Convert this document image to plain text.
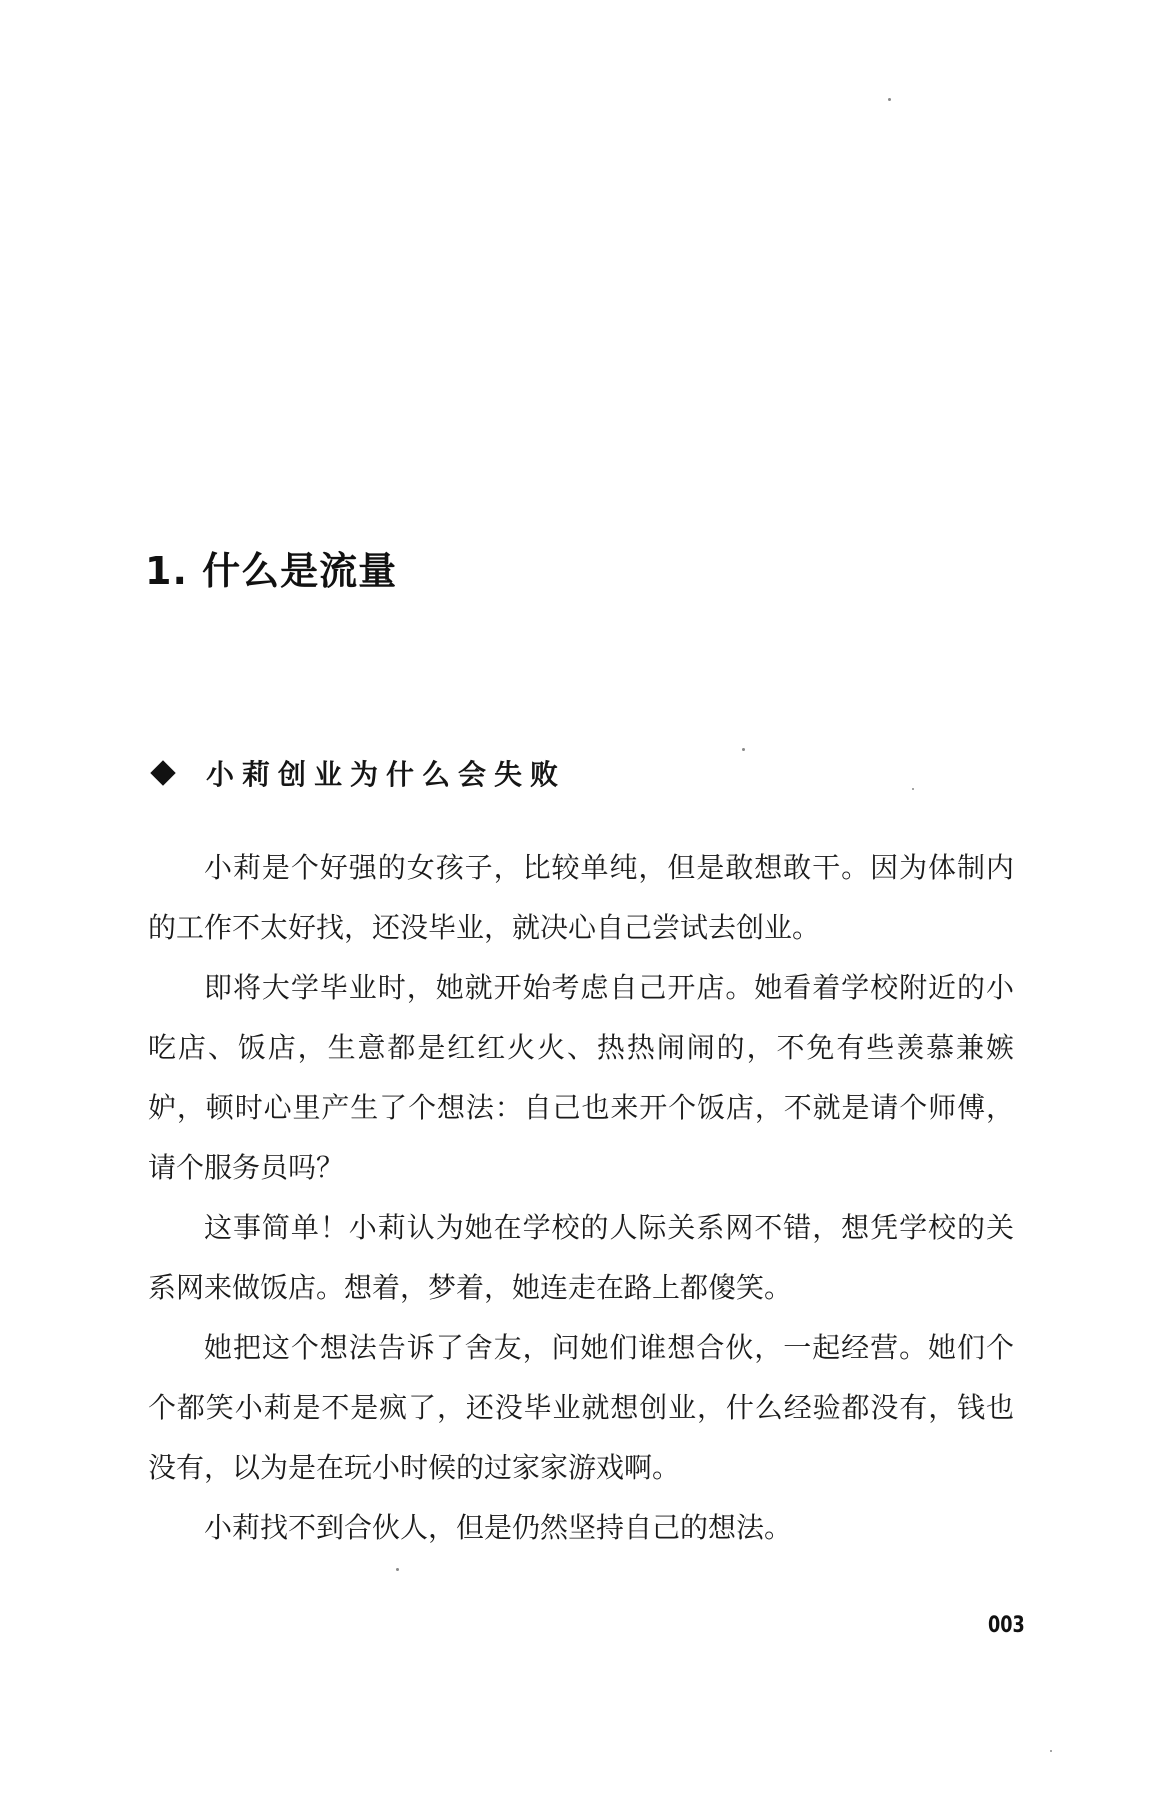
1. 什么是流量
小莉创业为什么会失败

小莉是个好强的女孩子，比较单纯，但是敢想敢干。因为体制内的工作不太好找，还没毕业，就决心自己尝试去创业。

即将大学毕业时，她就开始考虑自己开店。她看着学校附近的小吃店、饭店，生意都是红红火火、热热闹闹的，不免有些羡慕兼嫉妒，顿时心里产生了个想法：自己也来开个饭店，不就是请个师傅，请个服务员吗？

这事简单！小莉认为她在学校的人际关系网不错，想凭学校的关系网来做饭店。想着，梦着，她连走在路上都傻笑。

她把这个想法告诉了舍友，问她们谁想合伙，一起经营。她们个个都笑小莉是不是疯了，还没毕业就想创业，什么经验都没有，钱也没有，以为是在玩小时候的过家家游戏啊。

小莉找不到合伙人，但是仍然坚持自己的想法。

003
